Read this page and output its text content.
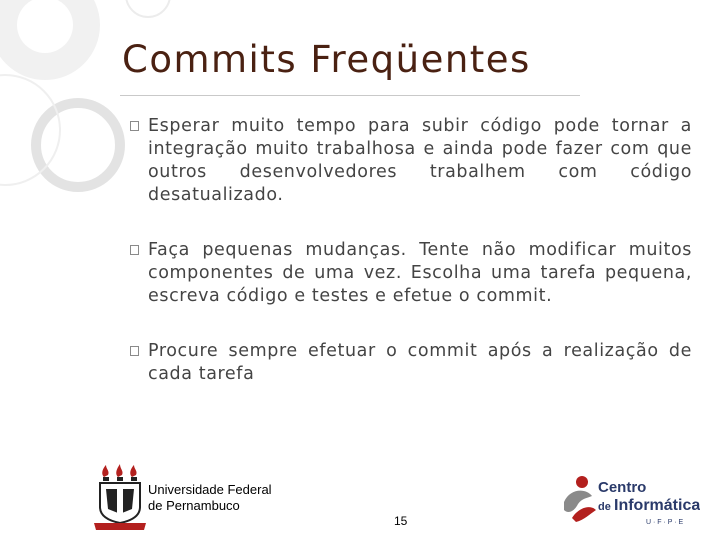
Commits Freqüentes
Esperar muito tempo para subir código pode tornar a integração muito trabalhosa e ainda pode fazer com que outros desenvolvedores trabalhem com código desatualizado.
Faça pequenas mudanças. Tente não modificar muitos componentes de uma vez. Escolha uma tarefa pequena, escreva código e testes e efetue o commit.
Procure sempre efetuar o commit após a realização de cada tarefa
Universidade Federal
de Pernambuco
15
Centro
de Informática
U · F · P · E
